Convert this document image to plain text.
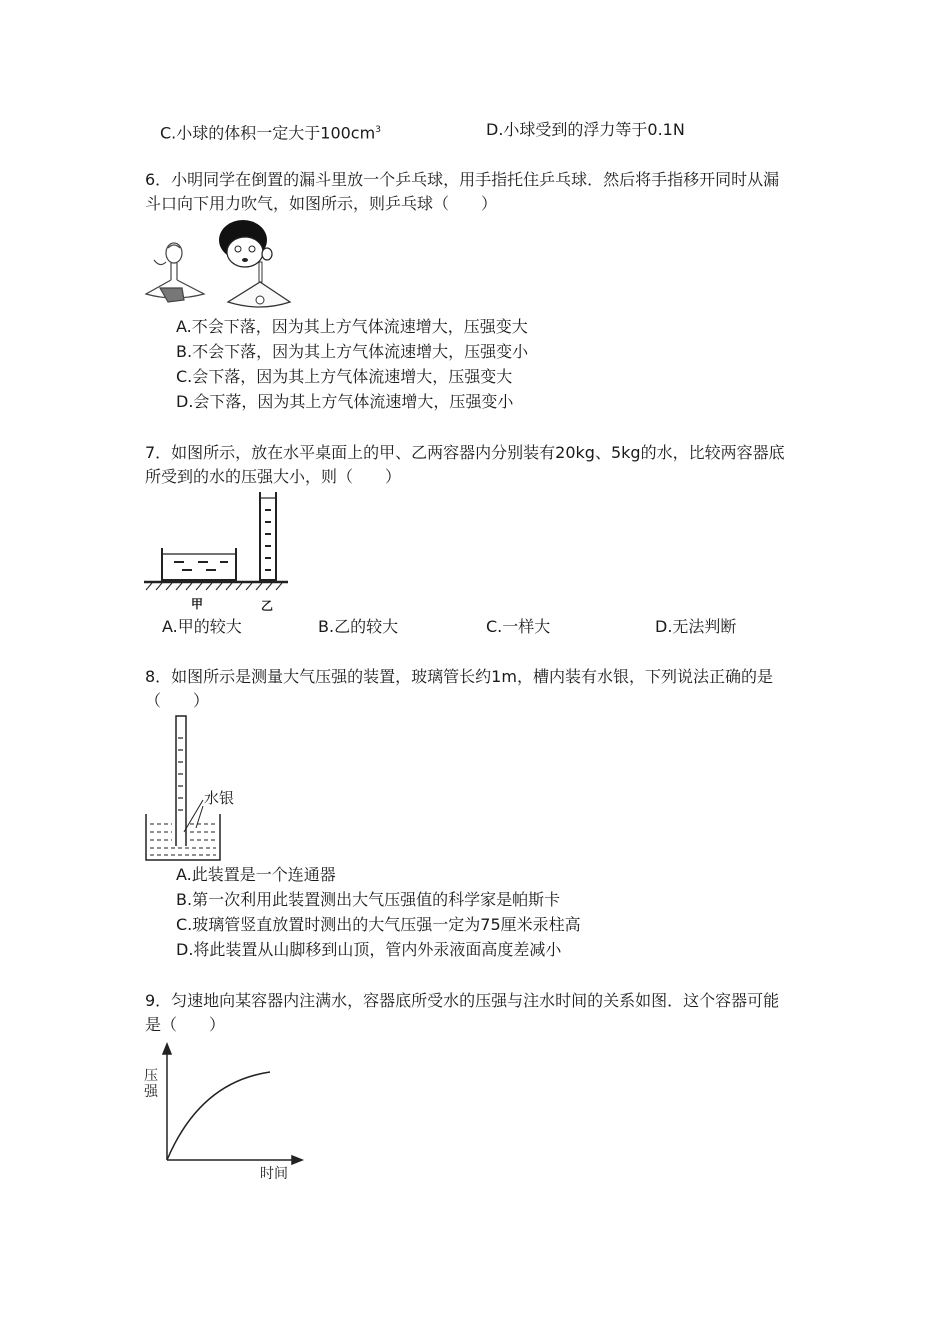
C.小球的体积一定大于$100cm^3$	D.小球受到的浮力等于0.1N
6．小明同学在倒置的漏斗里放一个乒乓球，用手指托住乒乓球．然后将手指移开同时从漏
斗口向下用力吹气，如图所示，则乒乓球（　　）
A.不会下落，因为其上方气体流速增大，压强变大
B.不会下落，因为其上方气体流速增大，压强变小
C.会下落，因为其上方气体流速增大，压强变大
D.会下落，因为其上方气体流速增大，压强变小
7．如图所示，放在水平桌面上的甲、乙两容器内分别装有20kg、5kg的水，比较两容器底
所受到的水的压强大小，则（　　）
甲	乙
A.甲的较大	B.乙的较大	C.一样大	D.无法判断
8．如图所示是测量大气压强的装置，玻璃管长约1m，槽内装有水银，下列说法正确的是
（　　）
水银
A.此装置是一个连通器
B.第一次利用此装置测出大气压强值的科学家是帕斯卡
C.玻璃管竖直放置时测出的大气压强一定为75厘米汞柱高
D.将此装置从山脚移到山顶，管内外汞液面高度差减小
9．匀速地向某容器内注满水，容器底所受水的压强与注水时间的关系如图．这个容器可能
是（　　）
压
强
时间
